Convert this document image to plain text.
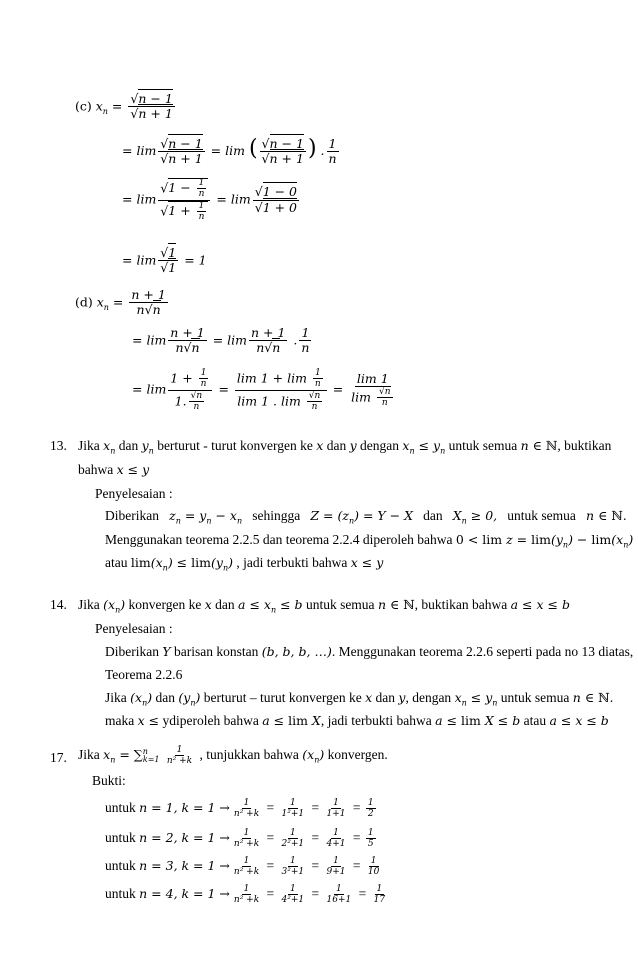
(c) $x_n = \frac{√n - 1}{√n + 1}$
= $\lim \frac{√n - 1}{√n + 1} = \lim$ ( $\frac{√n - 1}{√n + 1}$ ) . $\frac{1}{n}$
= $\lim \frac{√1 - \frac{1}{n}}{√1 + \frac{1}{n}} = \lim \frac{√1 - 0}{√1 + 0}$
= $\lim \frac{√1}{√1} = 1$
(d) $x_n = \frac{n + 1}{n√n}$
= $\lim \frac{n + 1}{n√n} = \lim \frac{n + 1}{n√n}$ . $\frac{1}{n}$
= $\lim \frac{1 + \frac{1}{n}}{1. \frac{√n}{n}} = \frac{\lim 1 + \lim \frac{1}{n}}{\lim 1 . \lim \frac{√n}{n}} = \frac{\lim 1}{\lim \frac{√n}{n}}$
13. Jika $x_n$ dan $y_n$ berturut - turut konvergen ke x dan y dengan $x_n \le y_n$ untuk semua n ∈ ℕ, buktikan
bahwa x ≤ y
Penyelesaian :
Diberikan $z_n = y_n - x_n$ sehingga $Z = (z_n) = Y - X$ dan $X_n \ge 0$, untuk semua n ∈ ℕ.
Menggunakan teorema 2.2.5 dan teorema 2.2.4 diperoleh bahwa $0 < \lim z = \lim(y_n) - \lim(x_n)$
atau $\lim(x_n) \le \lim(y_n)$ , jadi terbukti bahwa x ≤ y
14. Jika $(x_n)$ konvergen ke x dan $a \le x_n \le b$ untuk semua n ∈ ℕ, buktikan bahwa a ≤ x ≤ b
Penyelesaian :
Diberikan Y barisan konstan (b, b, b, …). Menggunakan teorema 2.2.6 seperti pada no 13 diatas,
Teorema 2.2.6
Jika $(x_n)$ dan $(y_n)$ berturut – turut konvergen ke x dan y, dengan $x_n \le y_n$ untuk semua n ∈ ℕ.
maka x ≤ ydiperoleh bahwa a ≤ lim X, jadi terbukti bahwa a ≤ lim X ≤ b atau a ≤ x ≤ b
17. Jika $x_n = \sum^n_{k=1} \frac{1}{\text{n² +k}}$ , tunjukkan bahwa $(x_n)$ konvergen.
Bukti:
untuk n = 1, $k = 1 \to \frac{1}{\text{n² +k}} = \frac{1}{\text{1²+1}} = \frac{1}{1+1} = \frac{1}{2}$
untuk n = 2, $k = 1 \to \frac{1}{\text{n² +k}} = \frac{1}{\text{2²+1}} = \frac{1}{4+1} = \frac{1}{5}$
untuk n = 3, $k = 1 \to \frac{1}{\text{n² +k}} = \frac{1}{\text{3²+1}} = \frac{1}{9+1} = \frac{1}{10}$
untuk n = 4, $k = 1 \to \frac{1}{\text{n² +k}} = \frac{1}{\text{4²+1}} = \frac{1}{16+1} = \frac{1}{17}$
